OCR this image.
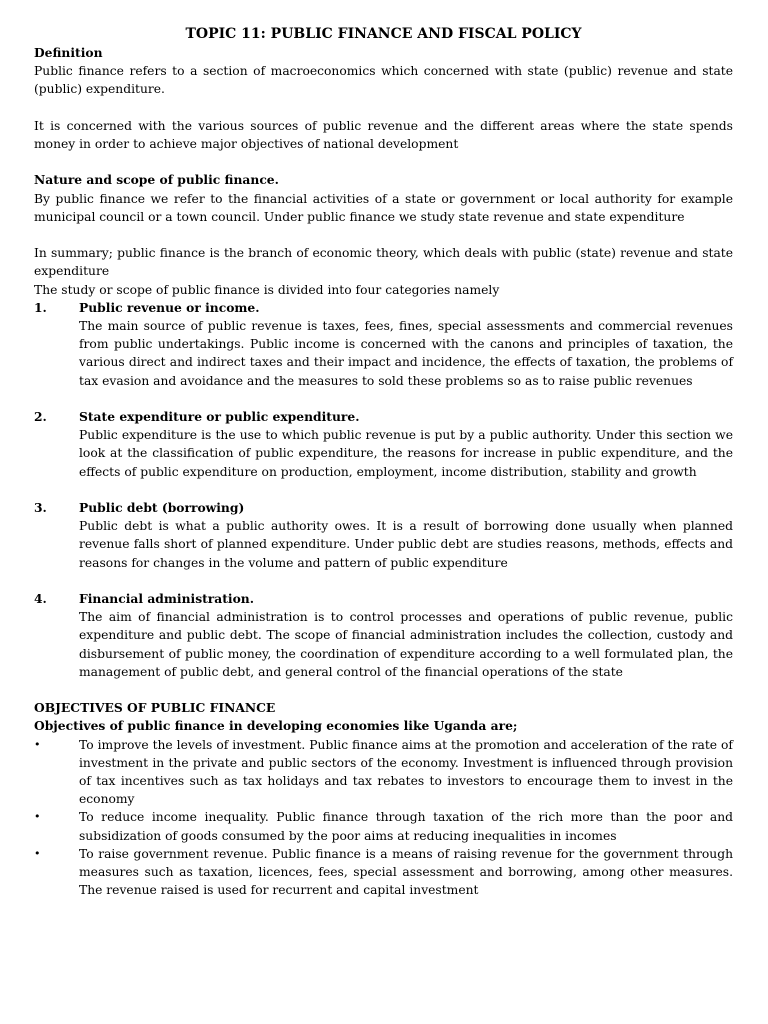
TOPIC 11: PUBLIC FINANCE AND FISCAL POLICY
Definition

Public finance refers to a section of macroeconomics which concerned with state (public) revenue and state (public) expenditure.

It is concerned with the various sources of public revenue and the different areas where the state spends money in order to achieve major objectives of national development

Nature and scope of public finance.

By public finance we refer to the financial activities of a state or government or local authority for example municipal council or a town council. Under public finance we study state revenue and state expenditure

In summary; public finance is the branch of economic theory, which deals with public (state) revenue and state expenditure

The study or scope of public finance is divided into four categories namely

1.	Public revenue or income.
The main source of public revenue is taxes, fees, fines, special assessments and commercial revenues from public undertakings. Public income is concerned with the canons and principles of taxation, the various direct and indirect taxes and their impact and incidence, the effects of taxation, the problems of tax evasion and avoidance and the measures to sold these problems so as to raise public revenues
2.	State expenditure or public expenditure.
Public expenditure is the use to which public revenue is put by a public authority. Under this section we look at the classification of public expenditure, the reasons for increase in public expenditure, and the effects of public expenditure on production, employment, income distribution, stability and growth
3.	Public debt (borrowing)
Public debt is what a public authority owes. It is a result of borrowing done usually when planned revenue falls short of planned expenditure. Under public debt are studies reasons, methods, effects and reasons for changes in the volume and pattern of public expenditure
4.	Financial administration.
The aim of financial administration is to control processes and operations of public revenue, public expenditure and public debt. The scope of financial administration includes the collection, custody and disbursement of public money, the coordination of expenditure according to a well formulated plan, the management of public debt, and general control of the financial operations of the state
OBJECTIVES OF PUBLIC FINANCE
Objectives of public finance in developing economies like Uganda are;
•	To improve the levels of investment. Public finance aims at the promotion and acceleration of the rate of investment in the private and public sectors of the economy. Investment is influenced through provision of tax incentives such as tax holidays and tax rebates to investors to encourage them to invest in the economy
•	To reduce income inequality. Public finance through taxation of the rich more than the poor and subsidization of goods consumed by the poor aims at reducing inequalities in incomes
•	To raise government revenue. Public finance is a means of raising revenue for the government through measures such as taxation, licences, fees, special assessment and borrowing, among other measures. The revenue raised is used for recurrent and capital investment
